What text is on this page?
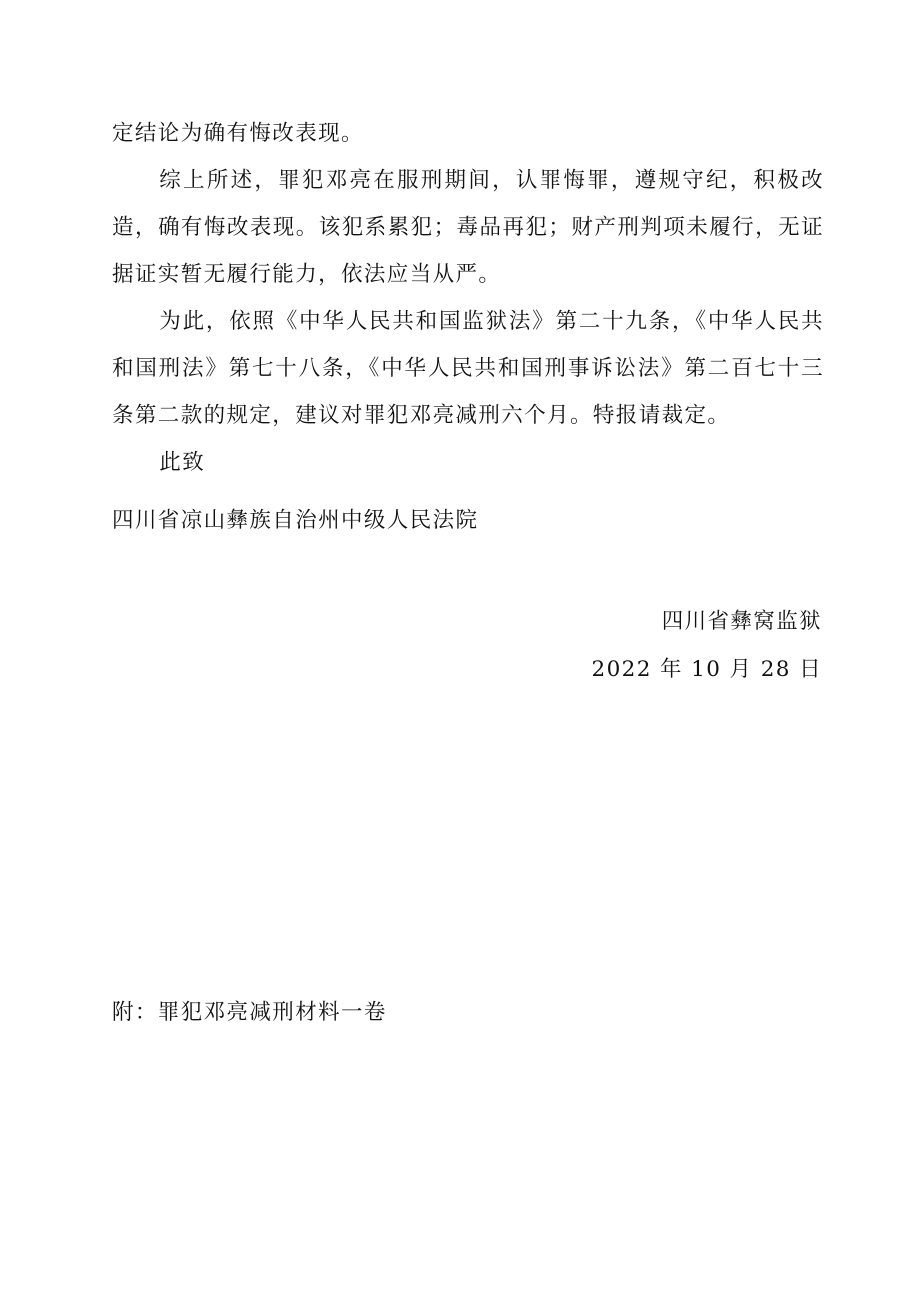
定结论为确有悔改表现。

综上所述，罪犯邓亮在服刑期间，认罪悔罪，遵规守纪，积极改造，确有悔改表现。该犯系累犯；毒品再犯；财产刑判项未履行，无证据证实暂无履行能力，依法应当从严。

为此，依照《中华人民共和国监狱法》第二十九条，《中华人民共和国刑法》第七十八条，《中华人民共和国刑事诉讼法》第二百七十三条第二款的规定，建议对罪犯邓亮减刑六个月。特报请裁定。

此致

四川省凉山彝族自治州中级人民法院
四川省彝窝监狱
2022 年 10 月 28 日
附：罪犯邓亮减刑材料一卷
